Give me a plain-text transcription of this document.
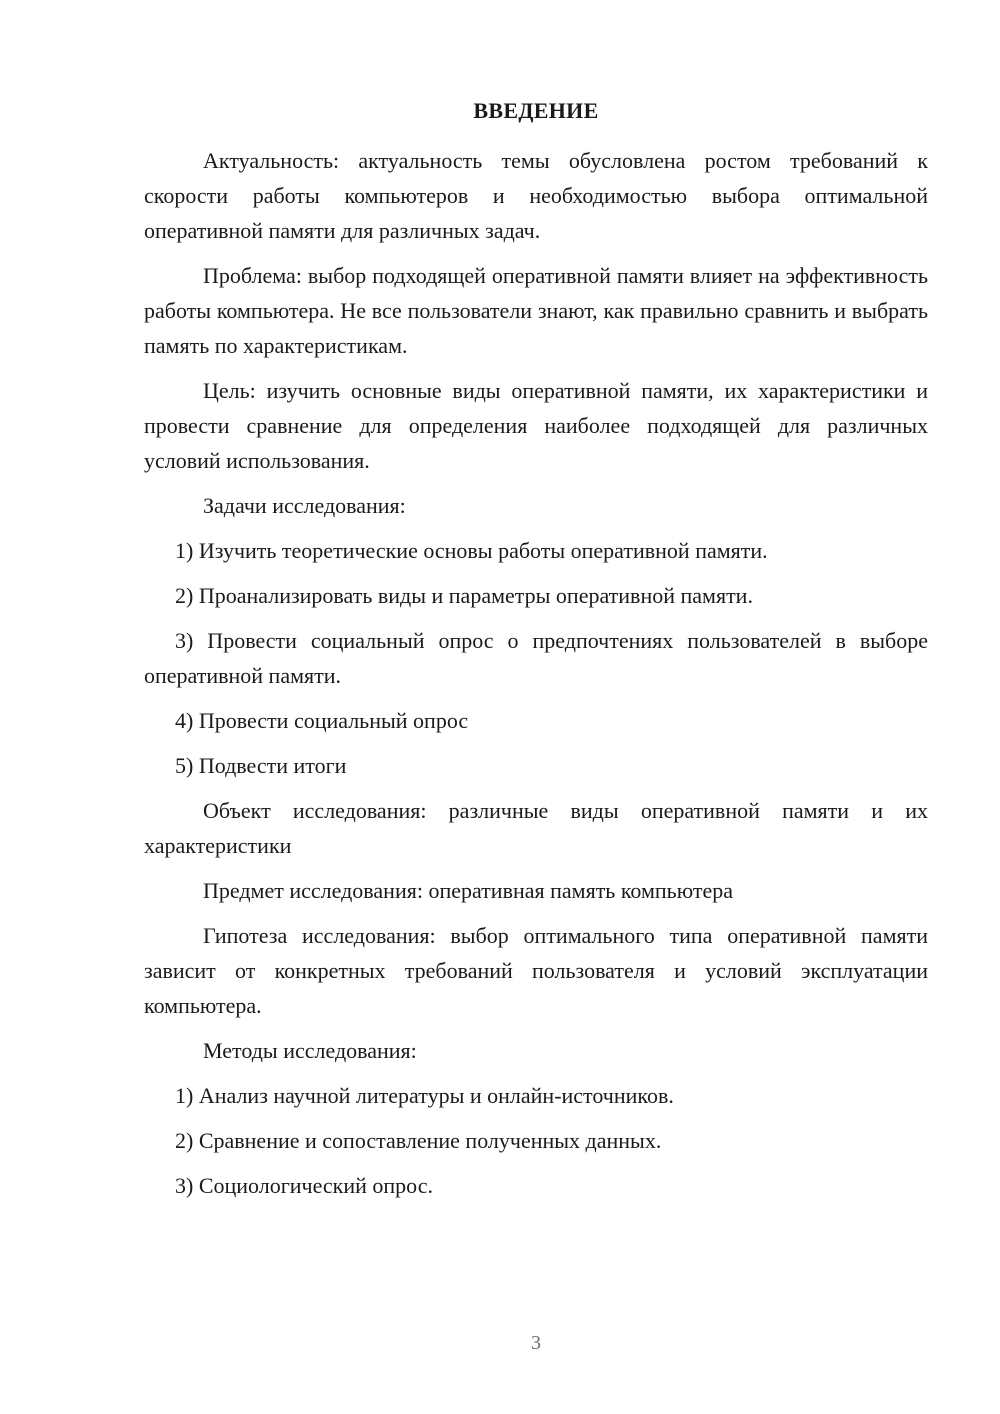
ВВЕДЕНИЕ

Актуальность: актуальность темы обусловлена ростом требований к скорости работы компьютеров и необходимостью выбора оптимальной оперативной памяти для различных задач.

Проблема: выбор подходящей оперативной памяти влияет на эффективность работы компьютера. Не все пользователи знают, как правильно сравнить и выбрать память по характеристикам.

Цель: изучить основные виды оперативной памяти, их характеристики и провести сравнение для определения наиболее подходящей для различных условий использования.

Задачи исследования:

1) Изучить теоретические основы работы оперативной памяти.

2) Проанализировать виды и параметры оперативной памяти.

3) Провести социальный опрос о предпочтениях пользователей в выборе оперативной памяти.

4) Провести социальный опрос

5) Подвести итоги

Объект исследования: различные виды оперативной памяти и их характеристики

Предмет исследования: оперативная память компьютера

Гипотеза исследования: выбор оптимального типа оперативной памяти зависит от конкретных требований пользователя и условий эксплуатации компьютера.

Методы исследования:

1) Анализ научной литературы и онлайн-источников.

2) Сравнение и сопоставление полученных данных.

3) Социологический опрос.

3
